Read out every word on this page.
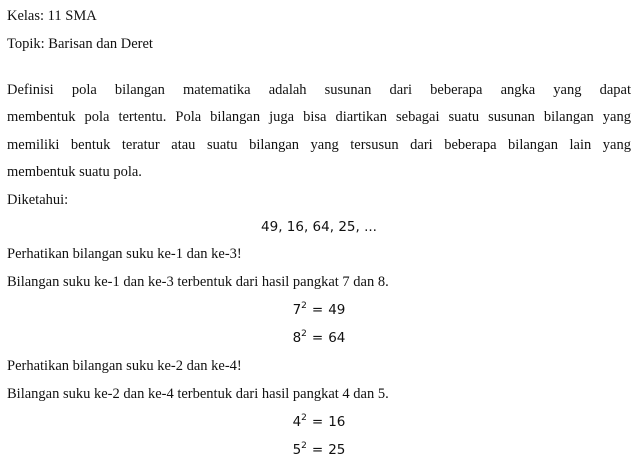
Kelas: 11 SMA
Topik: Barisan dan Deret
Definisi pola bilangan matematika adalah susunan dari beberapa angka yang dapat
membentuk pola tertentu. Pola bilangan juga bisa diartikan sebagai suatu susunan bilangan yang
memiliki bentuk teratur atau suatu bilangan yang tersusun dari beberapa bilangan lain yang
membentuk suatu pola.
Diketahui:
49, 16, 64, 25, ...
Perhatikan bilangan suku ke-1 dan ke-3!
Bilangan suku ke-1 dan ke-3 terbentuk dari hasil pangkat 7 dan 8.
$7^2 = 49$
$8^2 = 64$
Perhatikan bilangan suku ke-2 dan ke-4!
Bilangan suku ke-2 dan ke-4 terbentuk dari hasil pangkat 4 dan 5.
$4^2 = 16$
$5^2 = 25$
